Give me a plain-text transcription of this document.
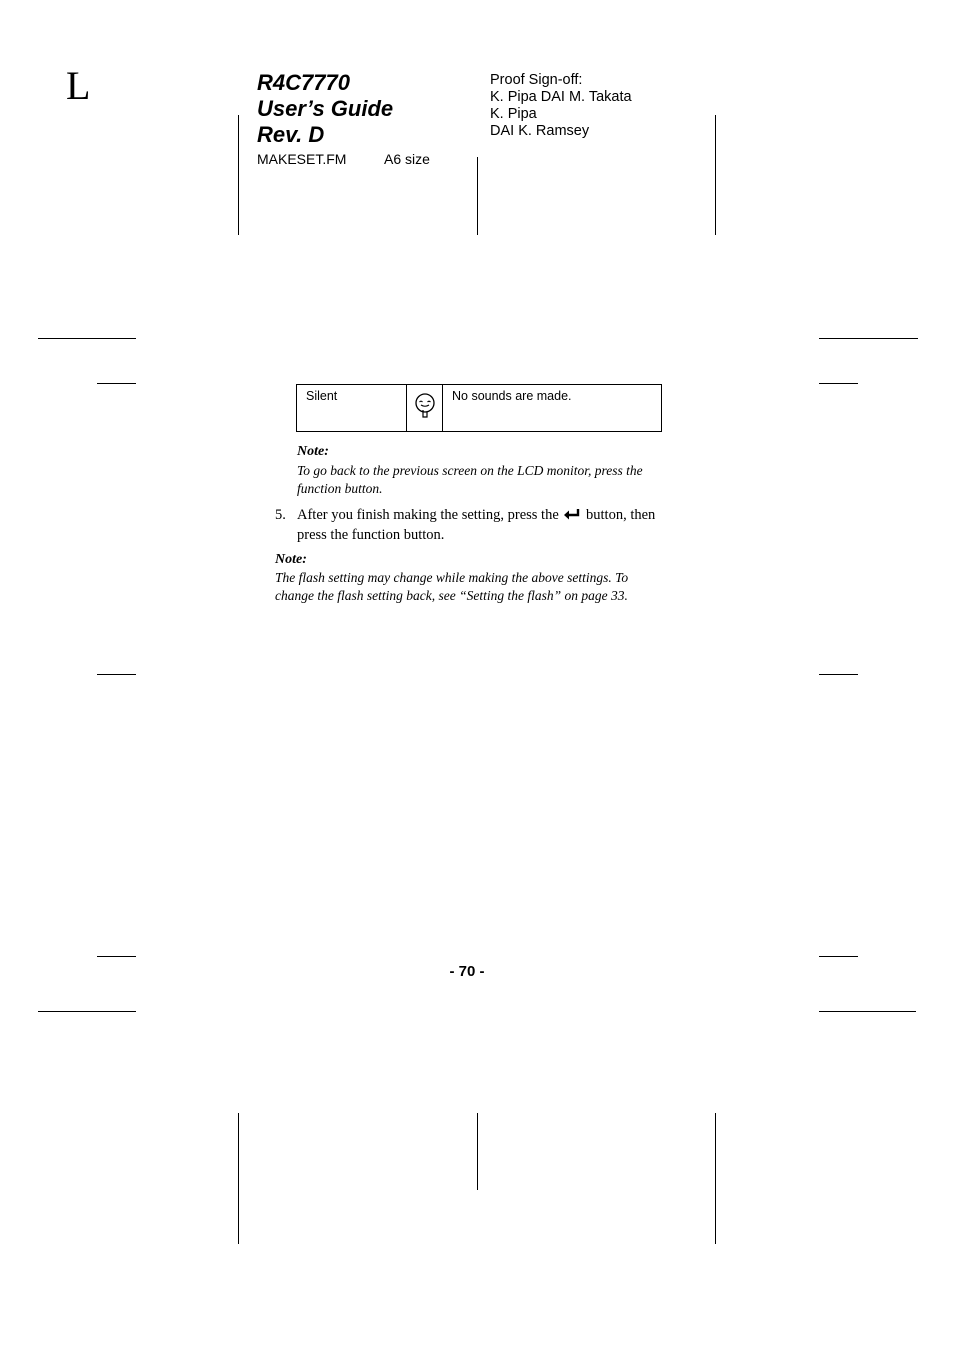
L	R4C7770
User’s Guide
Rev. D
MAKESET.FM	A6 size
Proof Sign-off:
K. Pipa DAI M. Takata
K. Pipa
DAI K. Ramsey
Silent		No sounds are made.
Note:
To go back to the previous screen on the LCD monitor, press the function button.
5. After you finish making the setting, press the button, then press the function button.
Note:
The flash setting may change while making the above settings. To change the flash setting back, see “Setting the flash” on page 33.
- 70 -
